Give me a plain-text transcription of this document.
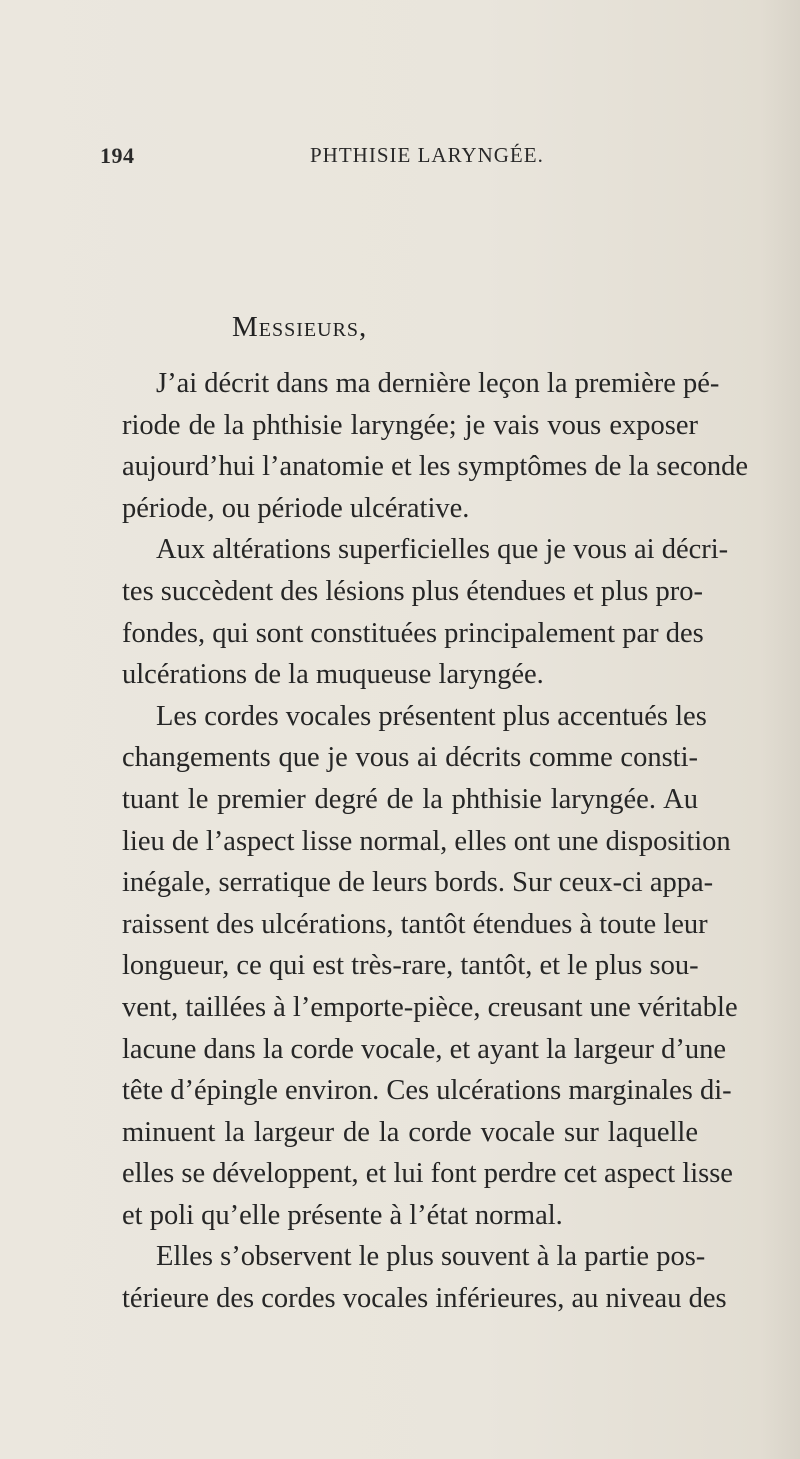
194	PHTHISIE LARYNGÉE.
Messieurs,
J’ai décrit dans ma dernière leçon la première pé-
riode de la phthisie laryngée; je vais vous exposer
aujourd’hui l’anatomie et les symptômes de la seconde
période, ou période ulcérative.
Aux altérations superficielles que je vous ai décri-
tes succèdent des lésions plus étendues et plus pro-
fondes, qui sont constituées principalement par des
ulcérations de la muqueuse laryngée.
Les cordes vocales présentent plus accentués les
changements que je vous ai décrits comme consti-
tuant le premier degré de la phthisie laryngée. Au
lieu de l’aspect lisse normal, elles ont une disposition
inégale, serratique de leurs bords. Sur ceux-ci appa-
raissent des ulcérations, tantôt étendues à toute leur
longueur, ce qui est très-rare, tantôt, et le plus sou-
vent, taillées à l’emporte-pièce, creusant une véritable
lacune dans la corde vocale, et ayant la largeur d’une
tête d’épingle environ. Ces ulcérations marginales di-
minuent la largeur de la corde vocale sur laquelle
elles se développent, et lui font perdre cet aspect lisse
et poli qu’elle présente à l’état normal.
Elles s’observent le plus souvent à la partie pos-
térieure des cordes vocales inférieures, au niveau des
